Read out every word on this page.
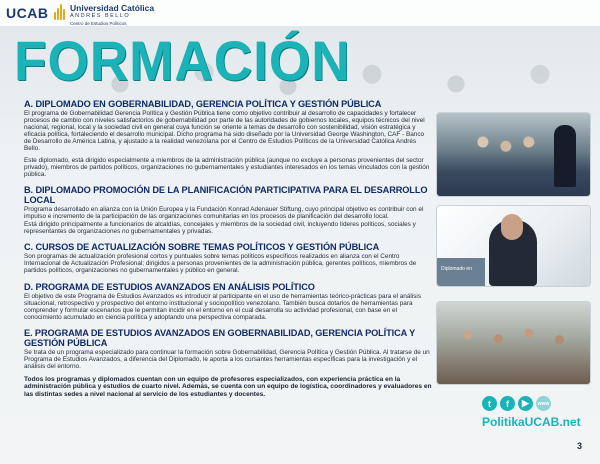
UCAB	Universidad Católica
ANDRÉS BELLO
Centro de Estudios Políticos
FORMACIÓN
A. DIPLOMADO EN GOBERNABILIDAD, GERENCIA POLÍTICA Y GESTIÓN PÚBLICA

El programa de Gobernabilidad Gerencia Política y Gestión Pública tiene como objetivo contribuir al desarrollo de capacidades y fortalecer procesos de cambio con niveles satisfactorios de gobernabilidad por parte de las autoridades de gobiernos locales, equipos técnicos del nivel nacional, regional, local y la sociedad civil en general cuya función se oriente a temas de desarrollo con sostenibilidad, visión estratégica y eficacia política, fortaleciendo el desarrollo municipal. Dicho programa ha sido diseñado por la Universidad George Washington, CAF - Banco de Desarrollo de América Latina, y ajustado a la realidad venezolana por el Centro de Estudios Políticos de la Universidad Católica Andrés Bello.

Este diplomado, está dirigido especialmente a miembros de la administración pública (aunque no excluye a personas provenientes del sector privado), miembros de partidos políticos, organizaciones no gubernamentales y estudiantes interesados en los temas vinculados con la gestión pública.

B. DIPLOMADO PROMOCIÓN DE LA PLANIFICACIÓN PARTICIPATIVA PARA EL DESARROLLO LOCAL

Programa desarrollado en alianza con la Unión Europea y la Fundación Konrad Adenauer Stiftung, cuyo principal objetivo es contribuir con el impulso e incremento de la participación de las organizaciones comunitarias en los procesos de planificación del desarrollo local.

Está dirigido principalmente a funcionarios de alcaldías, concejales y miembros de la sociedad civil, incluyendo líderes políticos, sociales y representantes de organizaciones no gubernamentales y privadas.

C. CURSOS DE ACTUALIZACIÓN SOBRE TEMAS POLÍTICOS Y GESTIÓN PÚBLICA

Son programas de actualización profesional cortos y puntuales sobre temas políticos específicos realizados en alianza con el Centro Internacional de Actualización Profesional; dirigidos a personas provenientes de la administración pública, gerentes políticos, miembros de partidos políticos, organizaciones no gubernamentales y público en general.

D. PROGRAMA DE ESTUDIOS AVANZADOS EN ANÁLISIS POLÍTICO

El objetivo de este Programa de Estudios Avanzados es introducir al participante en el uso de herramientas teórico-prácticas para el análisis situacional, retrospectivo y prospectivo del entorno institucional y sociopolítico venezolano. También busca dotarlos de herramientas para comprender y formular escenarios que le permitan incidir en el entorno en el cual desarrolla su actividad profesional, con base en el conocimiento acumulado en ciencia política y adoptando una perspectiva comparada.

E. PROGRAMA DE ESTUDIOS AVANZADOS EN GOBERNABILIDAD, GERENCIA POLÍTICA Y GESTIÓN PÚBLICA

Se trata de un programa especializado para continuar la formación sobre Gobernabilidad, Gerencia Política y Gestión Pública. Al tratarse de un Programa de Estudios Avanzados, a diferencia del Diplomado, le aporta a los cursantes herramientas específicas para la investigación y el análisis del entorno.

Todos los programas y diplomados cuentan con un equipo de profesores especializados, con experiencia práctica en la administración pública y estudios de cuarto nivel. Además, se cuenta con un equipo de logística, coordinadores y evaluadores en las distintas sedes a nivel nacional al servicio de los estudiantes y docentes.

Diplomado en
t	f	▶	www
PolitikaUCAB.net
3
